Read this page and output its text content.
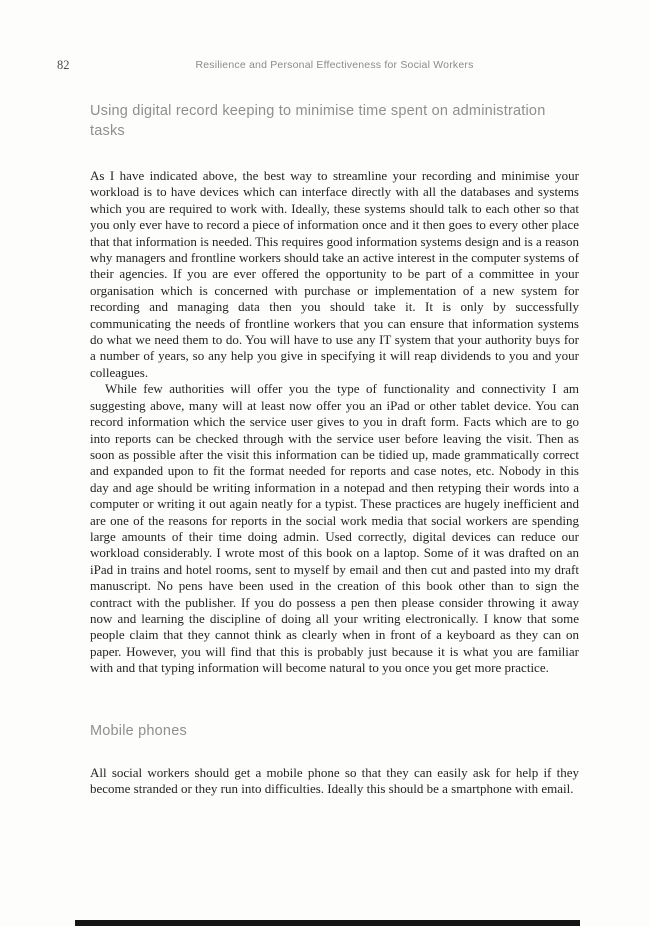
82	Resilience and Personal Effectiveness for Social Workers
Using digital record keeping to minimise time spent on administration tasks

As I have indicated above, the best way to streamline your recording and minimise your workload is to have devices which can interface directly with all the databases and systems which you are required to work with. Ideally, these systems should talk to each other so that you only ever have to record a piece of information once and it then goes to every other place that that information is needed. This requires good information systems design and is a reason why managers and frontline workers should take an active interest in the computer systems of their agencies. If you are ever offered the opportunity to be part of a committee in your organisation which is concerned with purchase or implementation of a new system for recording and managing data then you should take it. It is only by successfully communicating the needs of frontline workers that you can ensure that information systems do what we need them to do. You will have to use any IT system that your authority buys for a number of years, so any help you give in specifying it will reap dividends to you and your colleagues.

While few authorities will offer you the type of functionality and connectivity I am suggesting above, many will at least now offer you an iPad or other tablet device. You can record information which the service user gives to you in draft form. Facts which are to go into reports can be checked through with the service user before leaving the visit. Then as soon as possible after the visit this information can be tidied up, made grammatically correct and expanded upon to fit the format needed for reports and case notes, etc. Nobody in this day and age should be writing information in a notepad and then retyping their words into a computer or writing it out again neatly for a typist. These practices are hugely inefficient and are one of the reasons for reports in the social work media that social workers are spending large amounts of their time doing admin. Used correctly, digital devices can reduce our workload considerably. I wrote most of this book on a laptop. Some of it was drafted on an iPad in trains and hotel rooms, sent to myself by email and then cut and pasted into my draft manuscript. No pens have been used in the creation of this book other than to sign the contract with the publisher. If you do possess a pen then please consider throwing it away now and learning the discipline of doing all your writing electronically. I know that some people claim that they cannot think as clearly when in front of a keyboard as they can on paper. However, you will find that this is probably just because it is what you are familiar with and that typing information will become natural to you once you get more practice.

Mobile phones

All social workers should get a mobile phone so that they can easily ask for help if they become stranded or they run into difficulties. Ideally this should be a smartphone with email.
